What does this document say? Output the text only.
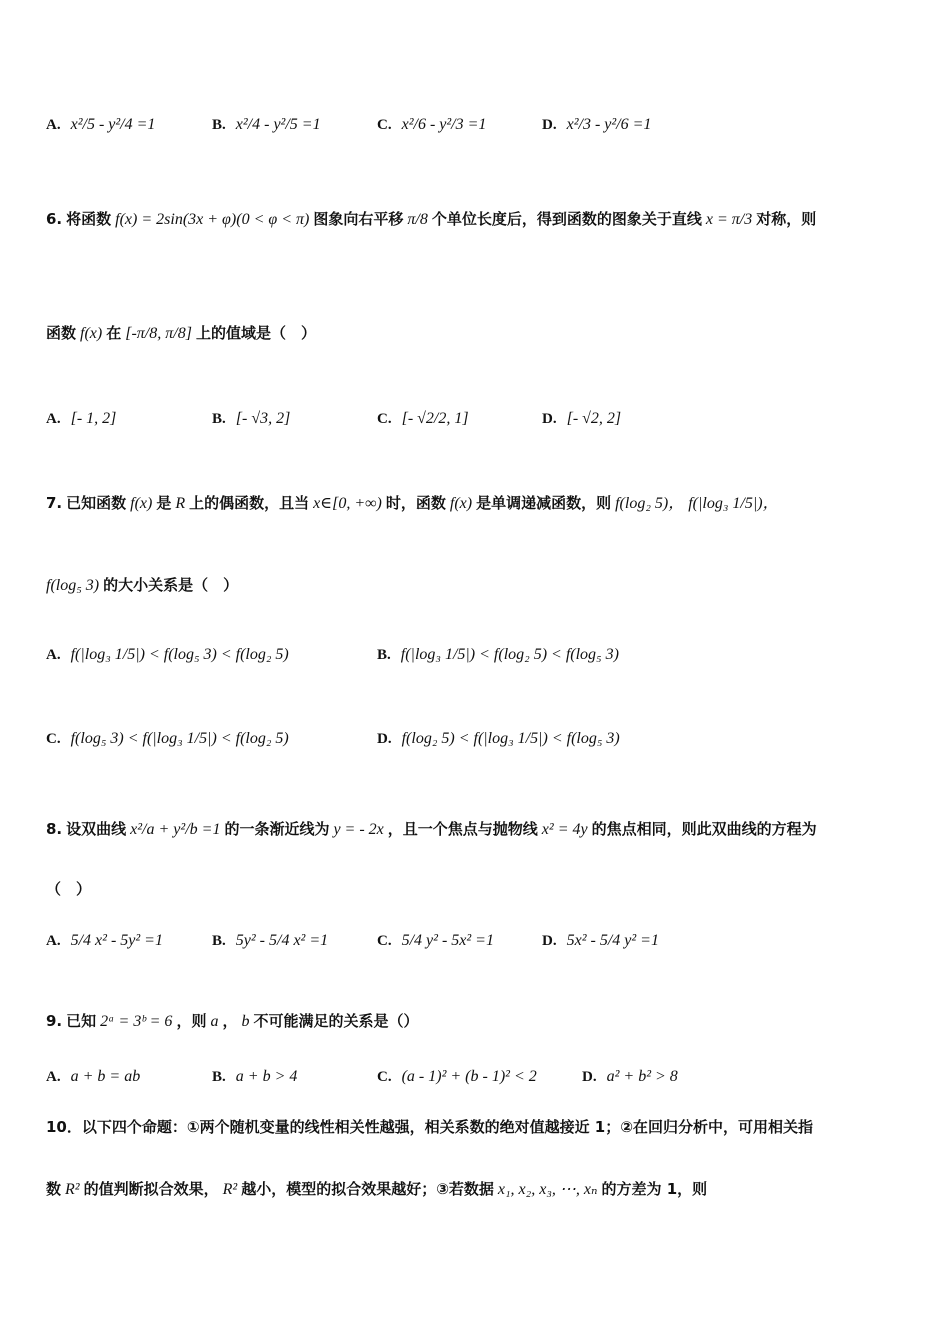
A. x²/5 - y²/4 =1	B. x²/4 - y²/5 =1	C. x²/6 - y²/3 =1	D. x²/3 - y²/6 =1
6. 将函数 f(x) = 2sin(3x + φ)(0 < φ < π) 图象向右平移 π/8 个单位长度后，得到函数的图象关于直线 x = π/3 对称，则
函数 f(x) 在 [-π/8, π/8] 上的值域是（　）
A. [- 1, 2]	B. [- √3, 2]	C. [- √2/2, 1]	D. [- √2, 2]
7. 已知函数 f(x) 是 R 上的偶函数，且当 x∈[0, +∞) 时，函数 f(x) 是单调递减函数，则 f(log₂ 5)， f(|log₃ 1/5|)，
f(log₅ 3) 的大小关系是（　）
A. f(|log₃ 1/5|) < f(log₅ 3) < f(log₂ 5)	B. f(|log₃ 1/5|) < f(log₂ 5) < f(log₅ 3)
C. f(log₅ 3) < f(|log₃ 1/5|) < f(log₂ 5)	D. f(log₂ 5) < f(|log₃ 1/5|) < f(log₅ 3)
8. 设双曲线 x²/a + y²/b =1 的一条渐近线为 y = - 2x ，且一个焦点与抛物线 x² = 4y 的焦点相同，则此双曲线的方程为
（　）
A. 5/4 x² - 5y² =1	B. 5y² - 5/4 x² =1	C. 5/4 y² - 5x² =1	D. 5x² - 5/4 y² =1
9. 已知 2ᵃ = 3ᵇ = 6 ，则 a ， b 不可能满足的关系是（）
A. a + b = ab	B. a + b > 4	C. (a - 1)² + (b - 1)² < 2	D. a² + b² > 8
10．以下四个命题：①两个随机变量的线性相关性越强，相关系数的绝对值越接近 1；②在回归分析中，可用相关指
数 R² 的值判断拟合效果， R² 越小，模型的拟合效果越好；③若数据 x₁, x₂, x₃, ⋯, xₙ 的方差为 1，则
